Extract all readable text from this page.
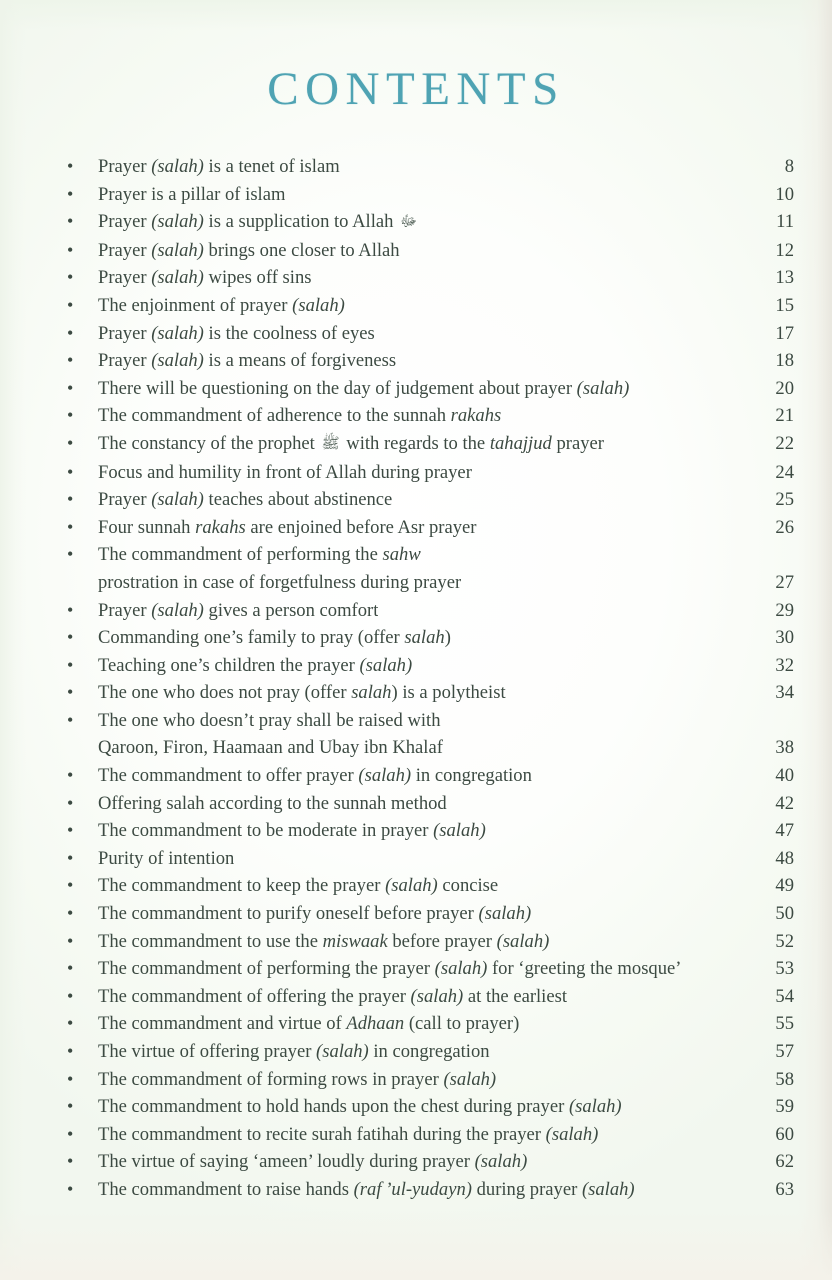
CONTENTS
• Prayer (salah) is a tenet of islam .....	8
• Prayer is a pillar of islam .....	10
• Prayer (salah) is a supplication to Allah ﷻ .....	11
• Prayer (salah) brings one closer to Allah .....	12
• Prayer (salah) wipes off sins .....	13
• The enjoinment of prayer (salah) .....	15
• Prayer (salah) is the coolness of eyes .....	17
• Prayer (salah) is a means of forgiveness .....	18
• There will be questioning on the day of judgement about prayer (salah) .....	20
• The commandment of adherence to the sunnah rakahs .....	21
• The constancy of the prophet ﷺ with regards to the tahajjud prayer .....	22
• Focus and humility in front of Allah during prayer .....	24
• Prayer (salah) teaches about abstinence .....	25
• Four sunnah rakahs are enjoined before Asr prayer .....	26
• The commandment of performing the sahw
prostration in case of forgetfulness during prayer .....	27
• Prayer (salah) gives a person comfort .....	29
• Commanding one’s family to pray (offer salah) .....	30
• Teaching one’s children the prayer (salah) .....	32
• The one who does not pray (offer salah) is a polytheist .....	34
• The one who doesn’t pray shall be raised with
Qaroon, Firon, Haamaan and Ubay ibn Khalaf .....	38
• The commandment to offer prayer (salah) in congregation .....	40
• Offering salah according to the sunnah method .....	42
• The commandment to be moderate in prayer (salah) .....	47
• Purity of intention .....	48
• The commandment to keep the prayer (salah) concise .....	49
• The commandment to purify oneself before prayer (salah) .....	50
• The commandment to use the miswaak before prayer (salah) .....	52
• The commandment of performing the prayer (salah) for ‘greeting the mosque’ .....	53
• The commandment of offering the prayer (salah) at the earliest .....	54
• The commandment and virtue of Adhaan (call to prayer) .....	55
• The virtue of offering prayer (salah) in congregation .....	57
• The commandment of forming rows in prayer (salah) .....	58
• The commandment to hold hands upon the chest during prayer (salah) .....	59
• The commandment to recite surah fatihah during the prayer (salah) .....	60
• The virtue of saying ‘ameen’ loudly during prayer (salah) .....	62
• The commandment to raise hands (raf ’ul-yudayn) during prayer (salah) .....	63
